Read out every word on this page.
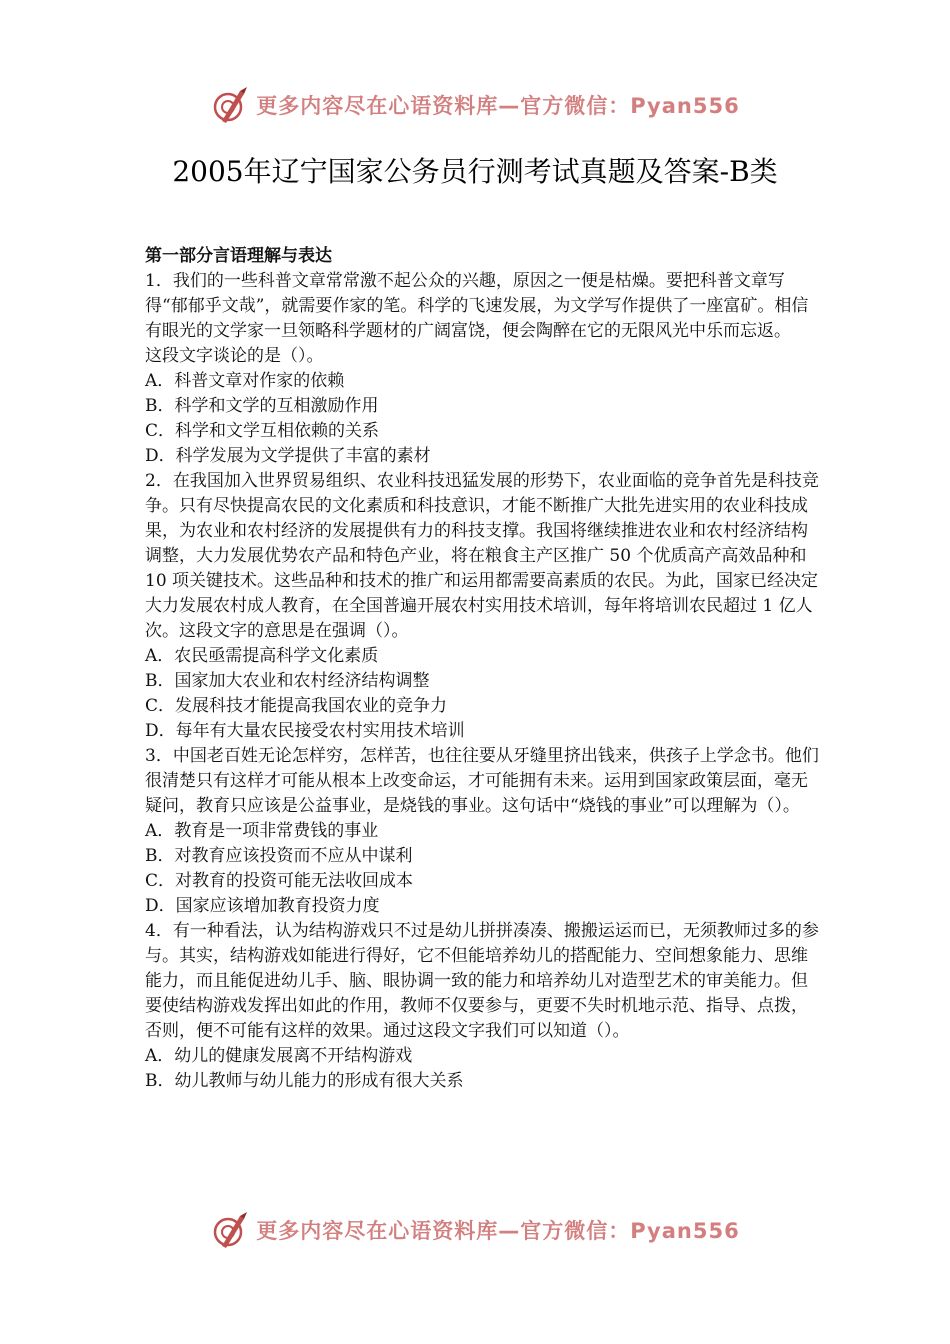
更多内容尽在心语资料库—官方微信：Pyan556
2005年辽宁国家公务员行测考试真题及答案-B类

第一部分言语理解与表达

1．我们的一些科普文章常常激不起公众的兴趣，原因之一便是枯燥。要把科普文章写得“郁郁乎文哉”，就需要作家的笔。科学的飞速发展，为文学写作提供了一座富矿。相信有眼光的文学家一旦领略科学题材的广阔富饶，便会陶醉在它的无限风光中乐而忘返。

这段文字谈论的是（）。

A．科普文章对作家的依赖

B．科学和文学的互相激励作用

C．科学和文学互相依赖的关系

D．科学发展为文学提供了丰富的素材

2．在我国加入世界贸易组织、农业科技迅猛发展的形势下，农业面临的竞争首先是科技竞争。只有尽快提高农民的文化素质和科技意识，才能不断推广大批先进实用的农业科技成果，为农业和农村经济的发展提供有力的科技支撑。我国将继续推进农业和农村经济结构调整，大力发展优势农产品和特色产业，将在粮食主产区推广 50 个优质高产高效品种和 10 项关键技术。这些品种和技术的推广和运用都需要高素质的农民。为此，国家已经决定大力发展农村成人教育，在全国普遍开展农村实用技术培训，每年将培训农民超过 1 亿人次。这段文字的意思是在强调（）。

A．农民亟需提高科学文化素质

B．国家加大农业和农村经济结构调整

C．发展科技才能提高我国农业的竞争力

D．每年有大量农民接受农村实用技术培训

3．中国老百姓无论怎样穷，怎样苦，也往往要从牙缝里挤出钱来，供孩子上学念书。他们很清楚只有这样才可能从根本上改变命运，才可能拥有未来。运用到国家政策层面，毫无疑问，教育只应该是公益事业，是烧钱的事业。这句话中“烧钱的事业”可以理解为（）。

A．教育是一项非常费钱的事业

B．对教育应该投资而不应从中谋利

C．对教育的投资可能无法收回成本

D．国家应该增加教育投资力度

4．有一种看法，认为结构游戏只不过是幼儿拼拼凑凑、搬搬运运而已，无须教师过多的参与。其实，结构游戏如能进行得好，它不但能培养幼儿的搭配能力、空间想象能力、思维能力，而且能促进幼儿手、脑、眼协调一致的能力和培养幼儿对造型艺术的审美能力。但要使结构游戏发挥出如此的作用，教师不仅要参与，更要不失时机地示范、指导、点拨，否则，便不可能有这样的效果。通过这段文字我们可以知道（）。

A．幼儿的健康发展离不开结构游戏

B．幼儿教师与幼儿能力的形成有很大关系

更多内容尽在心语资料库—官方微信：Pyan556
